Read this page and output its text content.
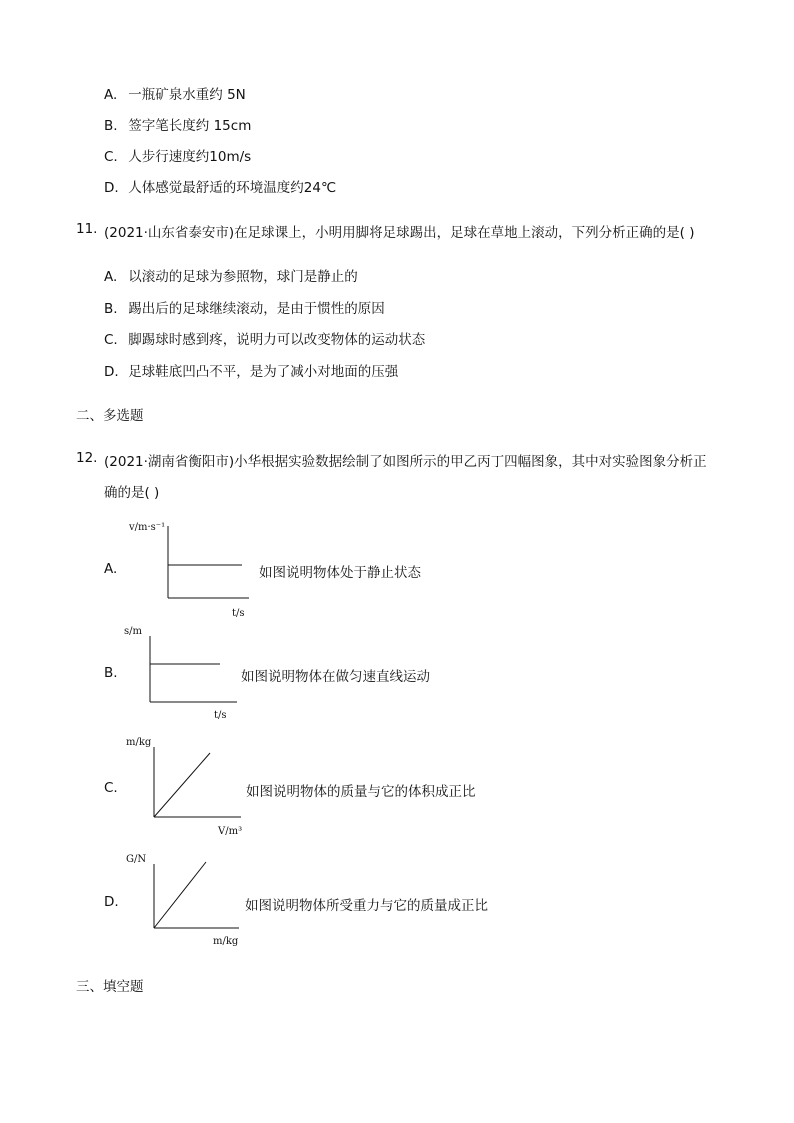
A. 一瓶矿泉水重约 5N
B. 签字笔长度约 15cm
C. 人步行速度约10m/s
D. 人体感觉最舒适的环境温度约24℃
11. (2021·山东省泰安市)在足球课上，小明用脚将足球踢出，足球在草地上滚动，下列分析正确的是( )
A. 以滚动的足球为参照物，球门是静止的
B. 踢出后的足球继续滚动，是由于惯性的原因
C. 脚踢球时感到疼，说明力可以改变物体的运动状态
D. 足球鞋底凹凸不平，是为了减小对地面的压强
二、多选题
12. (2021·湖南省衡阳市)小华根据实验数据绘制了如图所示的甲乙丙丁四幅图象，其中对实验图象分析正
确的是( )
A.
v/m·s⁻¹
t/s
如图说明物体处于静止状态
B.
s/m
t/s
如图说明物体在做匀速直线运动
C.
m/kg
V/m³
如图说明物体的质量与它的体积成正比
D.
G/N
m/kg
如图说明物体所受重力与它的质量成正比
三、填空题
